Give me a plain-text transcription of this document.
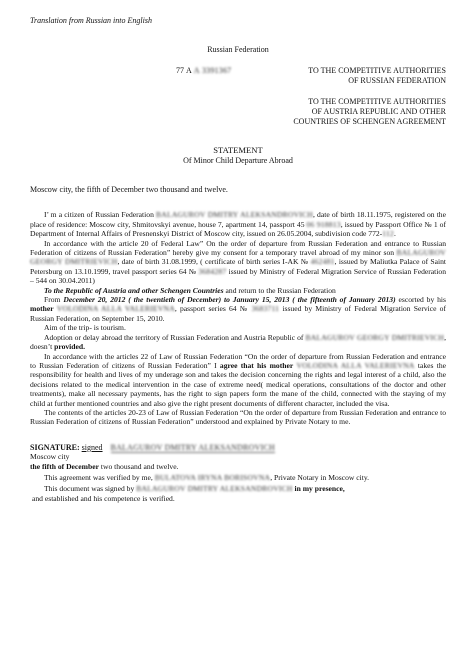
Translation from Russian into English
Russian Federation
77 А А 3391367	TO THE COMPETITIVE AUTHORITIES
OF RUSSIAN FEDERATION
TO THE COMPETITIVE AUTHORITIES
OF AUSTRIA REPUBLIC AND OTHER
COUNTRIES OF SCHENGEN AGREEMENT
STATEMENT
Of Minor Child Departure Abroad
Moscow city, the fifth of December two thousand and twelve.

I’ m a citizen of Russian Federation BALAGUROV DMITRY ALEKSANDROVICH, date of birth 18.11.1975, registered on the place of residence: Moscow city, Shmitovskyi avenue, house 7, apartment 14, passport 45 06 918813, issued by Passport Office № 1 of Department of Internal Affairs of Presnenskyi District of Moscow city, issued on 26.05.2004, subdivision code 772-112.

In accordance with the article 20 of Federal Law” On the order of departure from Russian Federation and entrance to Russian Federation of citizens of Russian Federation” hereby give my consent for a temporary travel abroad of my minor son BALAGUROV GEORGY DMITRIEVICH, date of birth 31.08.1999, ( certificate of birth series I-AK № 462481, issued by Maliutka Palace of Saint Petersburg on 13.10.1999, travel passport series 64 № 3684287 issued by Ministry of Federal Migration Service of Russian Federation – 544 on 30.04.2011)

To the Republic of Austria and other Schengen Countries and return to the Russian Federation

From December 20, 2012 ( the twentieth of December) to January 15, 2013 ( the fifteenth of January 2013) escorted by his mother VOLODINA ALLA VALERIEVNA, passport series 64 № 3683711 issued by Ministry of Federal Migration Service of Russian Federation, on September 15, 2010.

Aim of the trip- is tourism.

Adoption or delay abroad the territory of Russian Federation and Austria Republic of BALAGUROV GEORGY DMITRIEVICH, doesn’t provided.

In accordance with the articles 22 of Law of Russian Federation “On the order of departure from Russian Federation and entrance to Russian Federation of citizens of Russian Federation” I agree that his mother VOLODINA ALLA VALERIEVNA takes the responsibility for health and lives of my underage son and takes the decision concerning the rights and legal interest of a child, also the decisions related to the medical intervention in the case of extreme need( medical operations, consultations of the doctor and other treatments), make all necessary payments, has the right to sign papers form the mane of the child, connected with the staying of my child at further mentioned countries and also give the right present documents of different character, included the visa.

The contents of the articles 20-23 of Law of Russian Federation “On the order of departure from Russian Federation and entrance to Russian Federation of citizens of Russian Federation” understood and explained by Private Notary to me.

SIGNATURE: signed BALAGUROV DMITRY ALEKSANDROVICH
Moscow city
the fifth of December two thousand and twelve.
This agreement was verified by me, BULATOVA IRYNA BORISOVNA, Private Notary in Moscow city.
This document was signed by BALAGUROV DMITRY ALEKSANDROVICH in my presence,
and established and his competence is verified.
